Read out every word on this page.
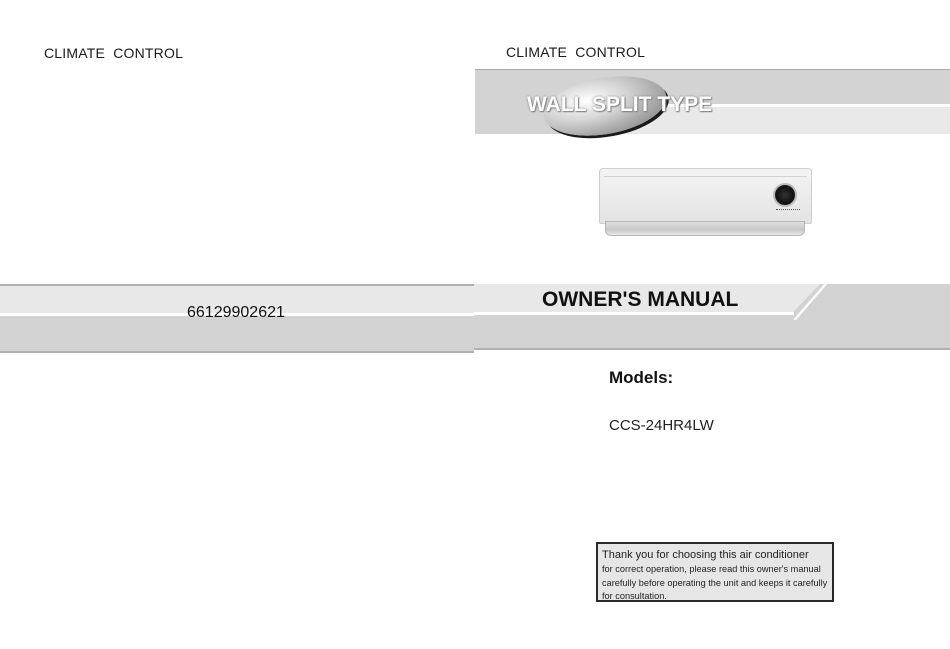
CLIMATE  CONTROL
66129902621
CLIMATE  CONTROL
WALL SPLIT TYPE
OWNER'S MANUAL
Models:
CCS-24HR4LW
Thank you for choosing this air conditioner
for correct operation, please read this owner's manual
carefully before operating the unit and keeps it carefully
for consultation.
